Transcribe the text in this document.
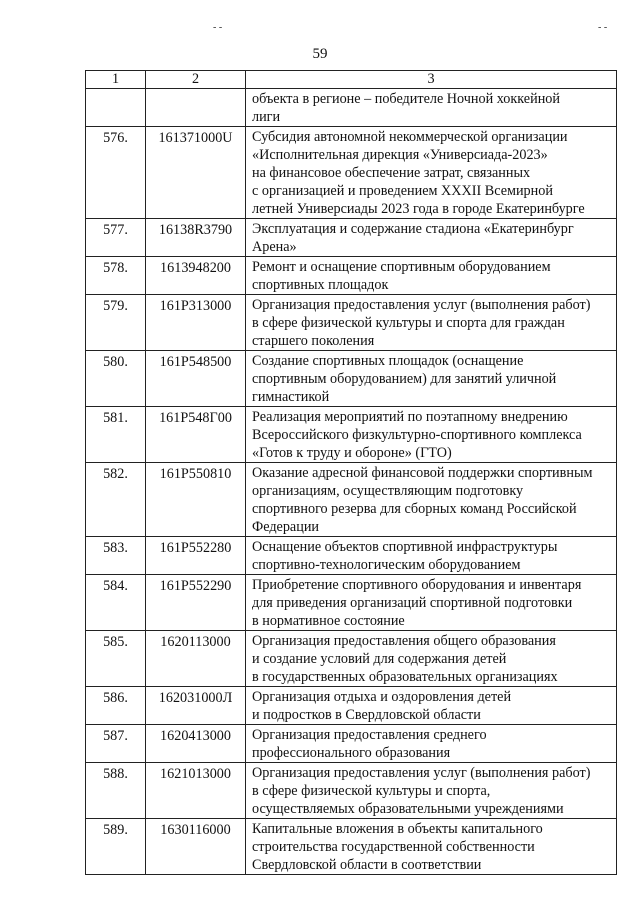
- -	- -
59
1	2	3
		объекта в регионе – победителе Ночной хоккейной
лиги
576.	161371000U	Субсидия автономной некоммерческой организации
«Исполнительная дирекция «Универсиада-2023»
на финансовое обеспечение затрат, связанных
с организацией и проведением XXXII Всемирной
летней Универсиады 2023 года в городе Екатеринбурге
577.	16138R3790	Эксплуатация и содержание стадиона «Екатеринбург
Арена»
578.	1613948200	Ремонт и оснащение спортивным оборудованием
спортивных площадок
579.	161P313000	Организация предоставления услуг (выполнения работ)
в сфере физической культуры и спорта для граждан
старшего поколения
580.	161P548500	Создание спортивных площадок (оснащение
спортивным оборудованием) для занятий уличной
гимнастикой
581.	161P548Г00	Реализация мероприятий по поэтапному внедрению
Всероссийского физкультурно-спортивного комплекса
«Готов к труду и обороне» (ГТО)
582.	161P550810	Оказание адресной финансовой поддержки спортивным
организациям, осуществляющим подготовку
спортивного резерва для сборных команд Российской
Федерации
583.	161P552280	Оснащение объектов спортивной инфраструктуры
спортивно-технологическим оборудованием
584.	161P552290	Приобретение спортивного оборудования и инвентаря
для приведения организаций спортивной подготовки
в нормативное состояние
585.	1620113000	Организация предоставления общего образования
и создание условий для содержания детей
в государственных образовательных организациях
586.	162031000Л	Организация отдыха и оздоровления детей
и подростков в Свердловской области
587.	1620413000	Организация предоставления среднего
профессионального образования
588.	1621013000	Организация предоставления услуг (выполнения работ)
в сфере физической культуры и спорта,
осуществляемых образовательными учреждениями
589.	1630116000	Капитальные вложения в объекты капитального
строительства государственной собственности
Свердловской области в соответствии
